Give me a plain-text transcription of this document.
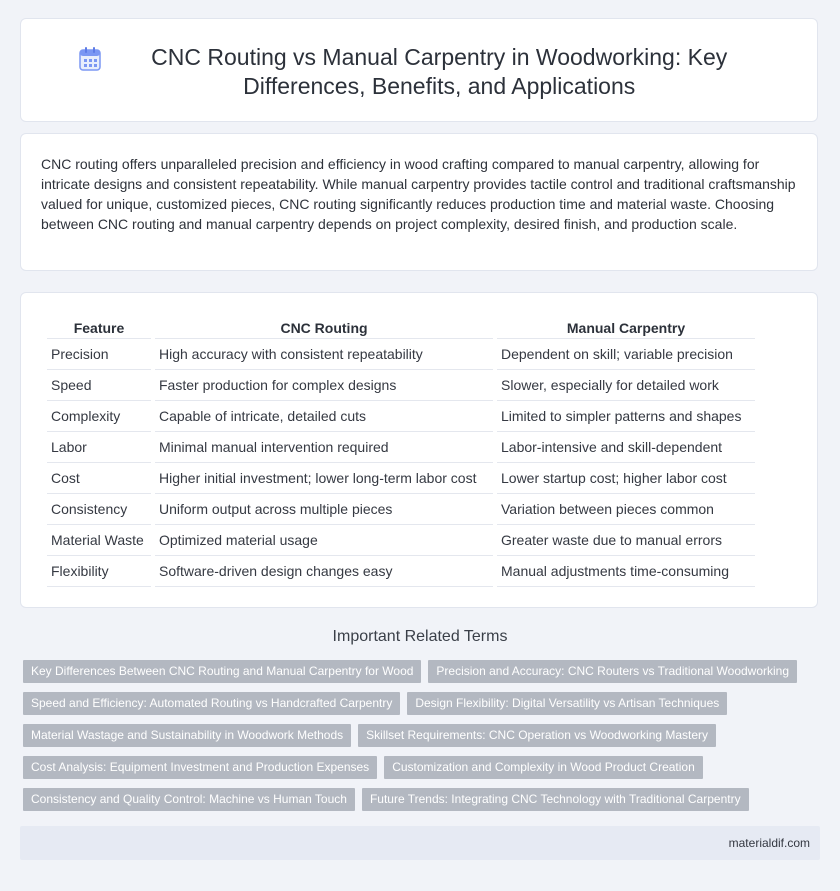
CNC Routing vs Manual Carpentry in Woodworking: Key Differences, Benefits, and Applications
CNC routing offers unparalleled precision and efficiency in wood crafting compared to manual carpentry, allowing for intricate designs and consistent repeatability. While manual carpentry provides tactile control and traditional craftsmanship valued for unique, customized pieces, CNC routing significantly reduces production time and material waste. Choosing between CNC routing and manual carpentry depends on project complexity, desired finish, and production scale.
Feature	CNC Routing	Manual Carpentry
Precision	High accuracy with consistent repeatability	Dependent on skill; variable precision
Speed	Faster production for complex designs	Slower, especially for detailed work
Complexity	Capable of intricate, detailed cuts	Limited to simpler patterns and shapes
Labor	Minimal manual intervention required	Labor-intensive and skill-dependent
Cost	Higher initial investment; lower long-term labor cost	Lower startup cost; higher labor cost
Consistency	Uniform output across multiple pieces	Variation between pieces common
Material Waste	Optimized material usage	Greater waste due to manual errors
Flexibility	Software-driven design changes easy	Manual adjustments time-consuming
Important Related Terms
Key Differences Between CNC Routing and Manual Carpentry for Wood	Precision and Accuracy: CNC Routers vs Traditional Woodworking
Speed and Efficiency: Automated Routing vs Handcrafted Carpentry	Design Flexibility: Digital Versatility vs Artisan Techniques
Material Wastage and Sustainability in Woodwork Methods	Skillset Requirements: CNC Operation vs Woodworking Mastery
Cost Analysis: Equipment Investment and Production Expenses	Customization and Complexity in Wood Product Creation
Consistency and Quality Control: Machine vs Human Touch	Future Trends: Integrating CNC Technology with Traditional Carpentry
materialdif.com
